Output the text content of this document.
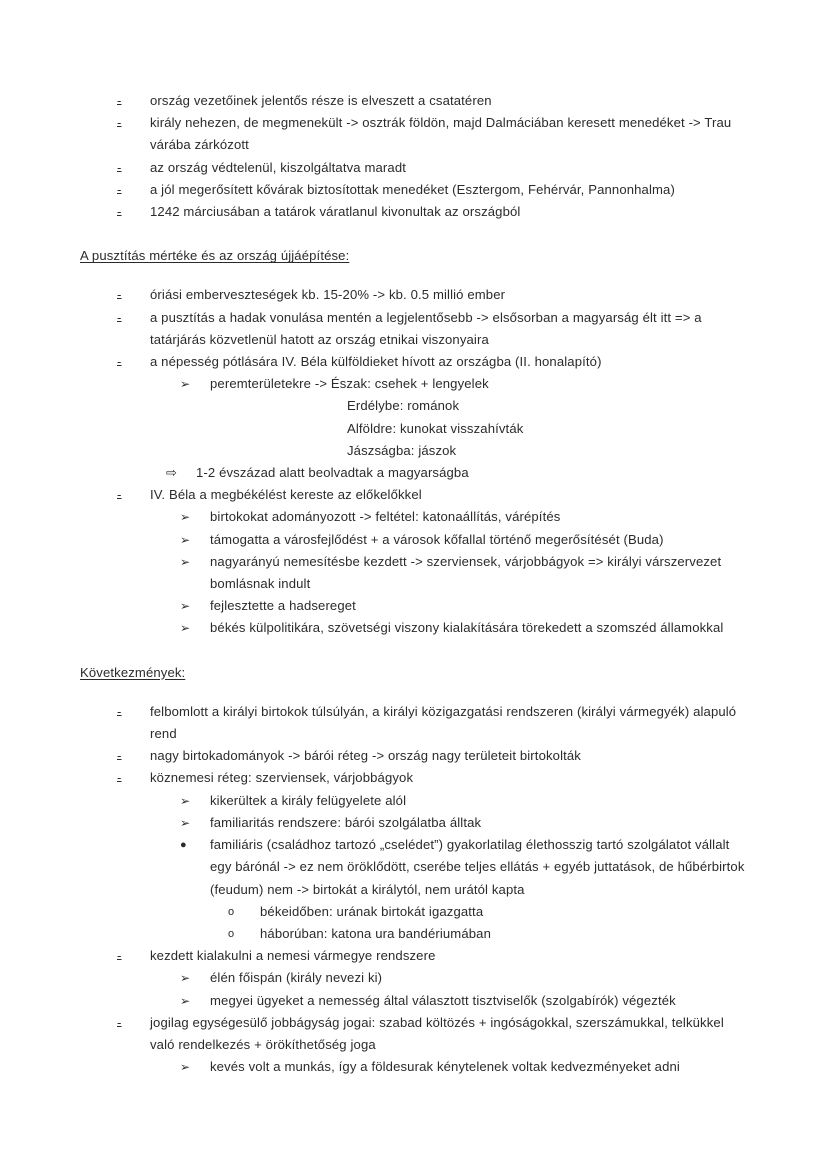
-	ország vezetőinek jelentős része is elveszett a csatatéren
-	király nehezen, de megmenekült -> osztrák földön, majd Dalmáciában keresett menedéket -> Trau várába zárkózott
-	az ország védtelenül, kiszolgáltatva maradt
-	a jól megerősített kővárak biztosítottak menedéket (Esztergom, Fehérvár, Pannonhalma)
-	1242 márciusában a tatárok váratlanul kivonultak az országból
A pusztítás mértéke és az ország újjáépítése:
-	óriási emberveszteségek kb. 15-20% -> kb. 0.5 millió ember
-	a pusztítás a hadak vonulása mentén a legjelentősebb -> elsősorban a magyarság élt itt => a tatárjárás közvetlenül hatott az ország etnikai viszonyaira
-	a népesség pótlására IV. Béla külföldieket hívott az országba (II. honalapító)
➢	peremterületekre -> Észak: csehek + lengyelek
Erdélybe: románok
Alföldre: kunokat visszahívták
Jászságba: jászok
⇨	1-2 évszázad alatt beolvadtak a magyarságba
-	IV. Béla a megbékélést kereste az előkelőkkel
➢	birtokokat adományozott -> feltétel: katonaállítás, várépítés
➢	támogatta a városfejlődést + a városok kőfallal történő megerősítését (Buda)
➢	nagyarányú nemesítésbe kezdett -> szerviensek, várjobbágyok => királyi várszervezet bomlásnak indult
➢	fejlesztette a hadsereget
➢	békés külpolitikára, szövetségi viszony kialakítására törekedett a szomszéd államokkal
Következmények:
-	felbomlott a királyi birtokok túlsúlyán, a királyi közigazgatási rendszeren (királyi vármegyék) alapuló rend
-	nagy birtokadományok -> bárói réteg -> ország nagy területeit birtokolták
-	köznemesi réteg: szerviensek, várjobbágyok
➢	kikerültek a király felügyelete alól
➢	familiaritás rendszere: bárói szolgálatba álltak
●	familiáris (családhoz tartozó „cselédet”) gyakorlatilag élethosszig tartó szolgálatot vállalt egy bárónál -> ez nem öröklődött, cserébe teljes ellátás + egyéb juttatások, de hűbérbirtok (feudum) nem -> birtokát a királytól, nem urától kapta
o	békeidőben: urának birtokát igazgatta
o	háborúban: katona ura bandériumában
-	kezdett kialakulni a nemesi vármegye rendszere
➢	élén főispán (király nevezi ki)
➢	megyei ügyeket a nemesség által választott tisztviselők (szolgabírók) végezték
-	jogilag egységesülő jobbágyság jogai: szabad költözés + ingóságokkal, szerszámukkal, telkükkel való rendelkezés + örökíthetőség joga
➢	kevés volt a munkás, így a földesurak kénytelenek voltak kedvezményeket adni
